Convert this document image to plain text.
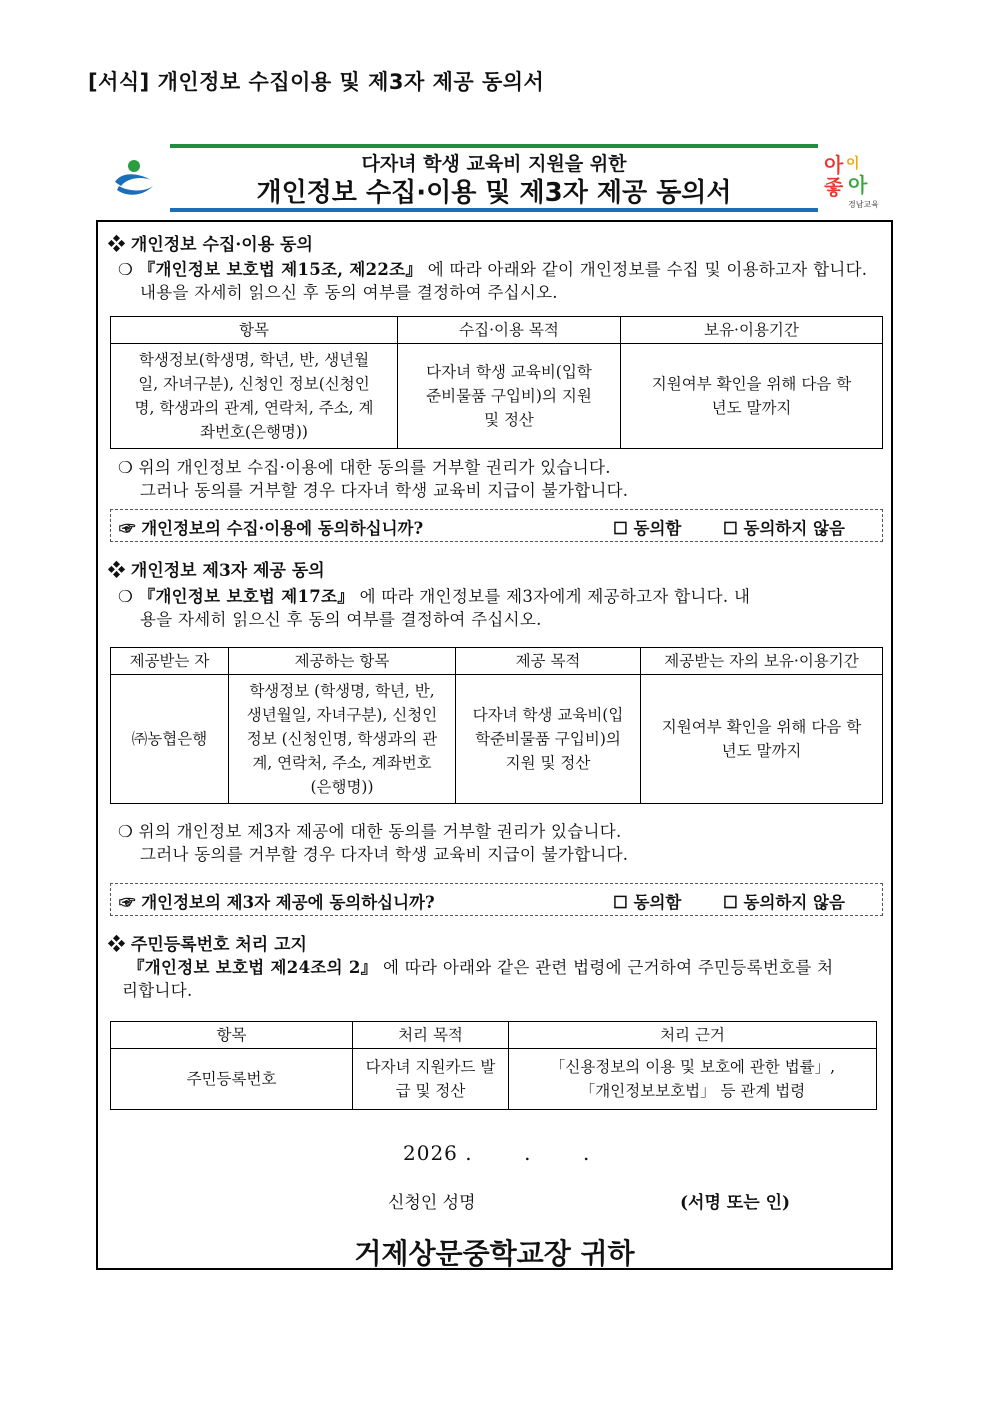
[서식] 개인정보 수집이용 및 제3자 제공 동의서
다자녀 학생 교육비 지원을 위한
개인정보 수집·이용 및 제3자 제공 동의서
아 이
좋 아
경남교육
❖ 개인정보 수집·이용 동의
❍ 『개인정보 보호법 제15조, 제22조』 에 따라 아래와 같이 개인정보를 수집 및 이용하고자 합니다.
내용을 자세히 읽으신 후 동의 여부를 결정하여 주십시오.
항목	수집·이용 목적	보유·이용기간
학생정보(학생명, 학년, 반, 생년월일, 자녀구분), 신청인 정보(신청인명, 학생과의 관계, 연락처, 주소, 계좌번호(은행명))	다자녀 학생 교육비(입학준비물품 구입비)의 지원 및 정산	지원여부 확인을 위해 다음 학년도 말까지
❍ 위의 개인정보 수집·이용에 대한 동의를 거부할 권리가 있습니다.
그러나 동의를 거부할 경우 다자녀 학생 교육비 지급이 불가합니다.
☞ 개인정보의 수집·이용에 동의하십니까?	☐ 동의함	☐ 동의하지 않음
❖ 개인정보 제3자 제공 동의
❍ 『개인정보 보호법 제17조』 에 따라 개인정보를 제3자에게 제공하고자 합니다. 내
용을 자세히 읽으신 후 동의 여부를 결정하여 주십시오.
제공받는 자	제공하는 항목	제공 목적	제공받는 자의 보유·이용기간
㈜농협은행	학생정보 (학생명, 학년, 반, 생년월일, 자녀구분), 신청인 정보 (신청인명, 학생과의 관계, 연락처, 주소, 계좌번호(은행명))	다자녀 학생 교육비(입학준비물품 구입비)의 지원 및 정산	지원여부 확인을 위해 다음 학년도 말까지
❍ 위의 개인정보 제3자 제공에 대한 동의를 거부할 권리가 있습니다.
그러나 동의를 거부할 경우 다자녀 학생 교육비 지급이 불가합니다.
☞ 개인정보의 제3자 제공에 동의하십니까?	☐ 동의함	☐ 동의하지 않음
❖ 주민등록번호 처리 고지
『개인정보 보호법 제24조의 2』 에 따라 아래와 같은 관련 법령에 근거하여 주민등록번호를 처
리합니다.
항목	처리 목적	처리 근거
주민등록번호	다자녀 지원카드 발급 및 정산	「신용정보의 이용 및 보호에 관한 법률」, 「개인정보보호법」 등 관계 법령
2026 .       .       .
신청인 성명	(서명 또는 인)
거제상문중학교장 귀하
